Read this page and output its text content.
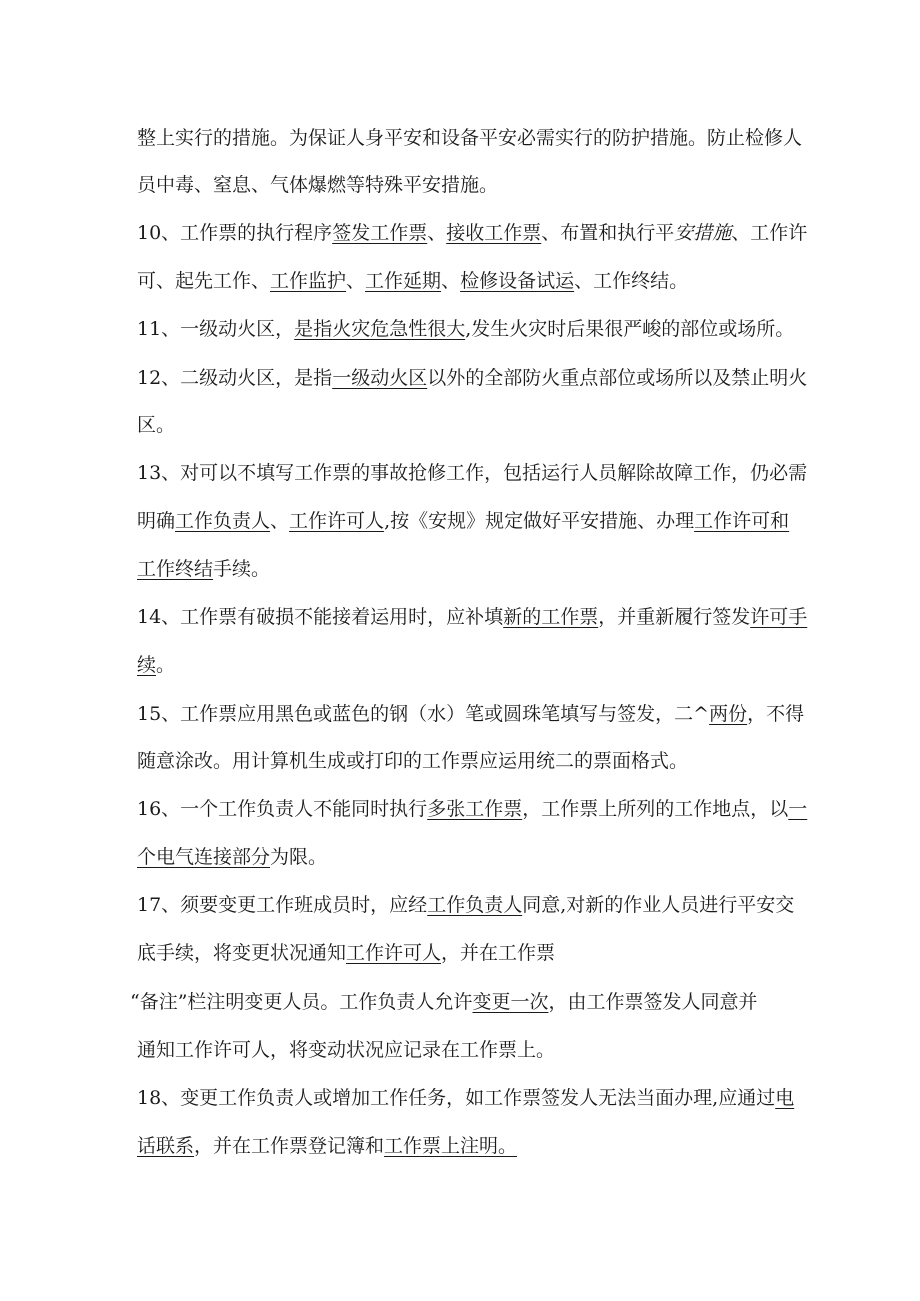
整上实行的措施。为保证人身平安和设备平安必需实行的防护措施。防止检修人
员中毒、窒息、气体爆燃等特殊平安措施。
10、工作票的执行程序签发工作票、接收工作票、布置和执行平安措施、工作许
可、起先工作、工作监护、工作延期、检修设备试运、工作终结。
11、一级动火区，是指火灾危急性很大,发生火灾时后果很严峻的部位或场所。
12、二级动火区，是指一级动火区以外的全部防火重点部位或场所以及禁止明火
区。
13、对可以不填写工作票的事故抢修工作，包括运行人员解除故障工作，仍必需
明确工作负责人、工作许可人,按《安规》规定做好平安措施、办理工作许可和
工作终结手续。
14、工作票有破损不能接着运用时，应补填新的工作票，并重新履行签发许可手
续。
15、工作票应用黑色或蓝色的钢（水）笔或圆珠笔填写与签发，二^两份，不得
随意涂改。用计算机生成或打印的工作票应运用统二的票面格式。
16、一个工作负责人不能同时执行多张工作票，工作票上所列的工作地点，以一
个电气连接部分为限。
17、须要变更工作班成员时，应经工作负责人同意,对新的作业人员进行平安交
底手续，将变更状况通知工作许可人，并在工作票
“备注”栏注明变更人员。工作负责人允许变更一次，由工作票签发人同意并
通知工作许可人，将变动状况应记录在工作票上。
18、变更工作负责人或增加工作任务，如工作票签发人无法当面办理,应通过电
话联系，并在工作票登记簿和工作票上注明。
